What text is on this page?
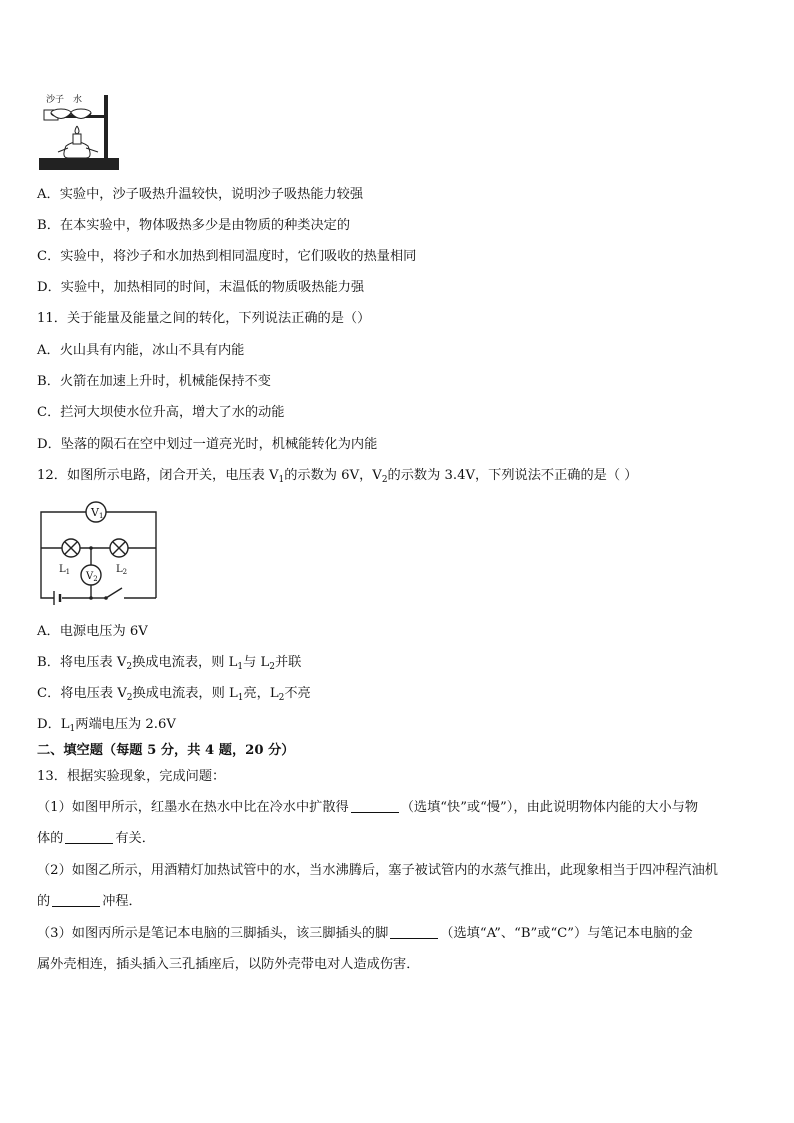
沙子 水
A．实验中，沙子吸热升温较快，说明沙子吸热能力较强
B．在本实验中，物体吸热多少是由物质的种类决定的
C．实验中，将沙子和水加热到相同温度时，它们吸收的热量相同
D．实验中，加热相同的时间，末温低的物质吸热能力强
11．关于能量及能量之间的转化，下列说法正确的是（）
A．火山具有内能，冰山不具有内能
B．火箭在加速上升时，机械能保持不变
C．拦河大坝使水位升高，增大了水的动能
D．坠落的陨石在空中划过一道亮光时，机械能转化为内能
12．如图所示电路，闭合开关，电压表 $V_1$的示数为 6V，$V_2$的示数为 3.4V，下列说法不正确的是（ ）
V1
$V_2$
$L_1$	$L_2$
A．电源电压为 6V
B．将电压表 $V_2$换成电流表，则 $L_1$与 $L_2$并联
C．将电压表 $V_2$换成电流表，则 $L_1$亮，$L_2$不亮
D．$L_1$两端电压为 2.6V
二、填空题（每题 5 分，共 4 题，20 分）
13．根据实验现象，完成问题：
（1）如图甲所示，红墨水在热水中比在冷水中扩散得	（选填“快”或“慢”），由此说明物体内能的大小与物
体的	有关．
（2）如图乙所示，用酒精灯加热试管中的水，当水沸腾后，塞子被试管内的水蒸气推出，此现象相当于四冲程汽油机
的	冲程．
（3）如图丙所示是笔记本电脑的三脚插头，该三脚插头的脚	（选填“A”、“B”或“C”）与笔记本电脑的金
属外壳相连，插头插入三孔插座后，以防外壳带电对人造成伤害．
